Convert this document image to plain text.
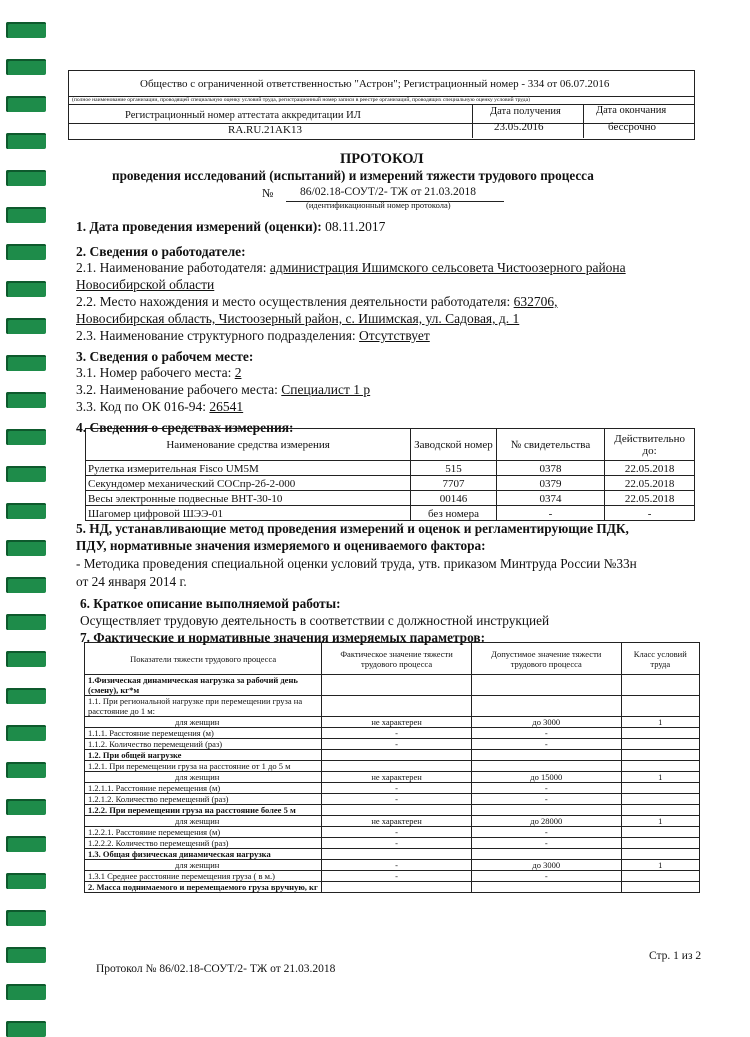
Общество с ограниченной ответственностью "Астрон"; Регистрационный номер - 334 от 06.07.2016
(полное наименование организации, проводящей специальную оценку условий труда, регистрационный номер записи в реестре организаций, проводящих специальную оценку условий труда)
Регистрационный номер аттестата аккредитации ИЛ	Дата получения	Дата окончания
RA.RU.21AK13	23.05.2016	бессрочно
ПРОТОКОЛ
проведения исследований (испытаний) и измерений тяжести трудового процесса
№ 86/02.18-СОУТ/2- ТЖ от 21.03.2018
(идентификационный номер протокола)
1. Дата проведения измерений (оценки): 08.11.2017
2. Сведения о работодателе:
2.1. Наименование работодателя: администрация Ишимского сельсовета Чистоозерного района
Новосибирской области
2.2. Место нахождения и место осуществления деятельности работодателя: 632706,
Новосибирская область, Чистоозерный район, с. Ишимская, ул. Садовая, д. 1
2.3. Наименование структурного подразделения: Отсутствует
3. Сведения о рабочем месте:
3.1. Номер рабочего места: 2
3.2. Наименование рабочего места: Специалист 1 р
3.3. Код по ОК 016-94: 26541
4. Сведения о средствах измерения:
Наименование средства измерения	Заводской номер	№ свидетельства	Действительно до:
Рулетка измерительная Fisco UM5M	515	0378	22.05.2018
Секундомер механический СОСпр-2б-2-000	7707	0379	22.05.2018
Весы электронные подвесные ВНТ-30-10	00146	0374	22.05.2018
Шагомер цифровой ШЭЭ-01	без номера	-	-
5. НД, устанавливающие метод проведения измерений и оценок и регламентирующие ПДК,
ПДУ, нормативные значения измеряемого и оцениваемого фактора:
- Методика проведения специальной оценки условий труда, утв. приказом Минтруда России №33н
от 24 января 2014 г.
6. Краткое описание выполняемой работы:
Осуществляет трудовую деятельность в соответствии с должностной инструкцией
7. Фактические и нормативные значения измеряемых параметров:
Показатели тяжести трудового процесса	Фактическое значение тяжести трудового процесса	Допустимое значение тяжести трудового процесса	Класс условий труда
1.Физическая динамическая нагрузка за рабочий день (смену), кг*м			
1.1. При региональной нагрузке при перемещении груза на расстояние до 1 м:			
для женщин	не характерен	до 3000	1
1.1.1. Расстояние перемещения (м)	-	-	
1.1.2. Количество перемещений (раз)	-	-	
1.2. При общей нагрузке			
1.2.1. При перемещении груза на расстояние от 1 до 5 м			
для женщин	не характерен	до 15000	1
1.2.1.1. Расстояние перемещения (м)	-	-	
1.2.1.2. Количество перемещений (раз)	-	-	
1.2.2. При перемещении груза на расстояние более 5 м			
для женщин	не характерен	до 28000	1
1.2.2.1. Расстояние перемещения (м)	-	-	
1.2.2.2. Количество перемещений (раз)	-	-	
1.3. Общая физическая динамическая нагрузка			
для женщин	-	до 3000	1
1.3.1 Среднее расстояние перемещения груза ( в м.)	-	-	
2. Масса поднимаемого и перемещаемого груза вручную, кг			
Протокол № 86/02.18-СОУТ/2- ТЖ от 21.03.2018
Стр. 1 из 2
